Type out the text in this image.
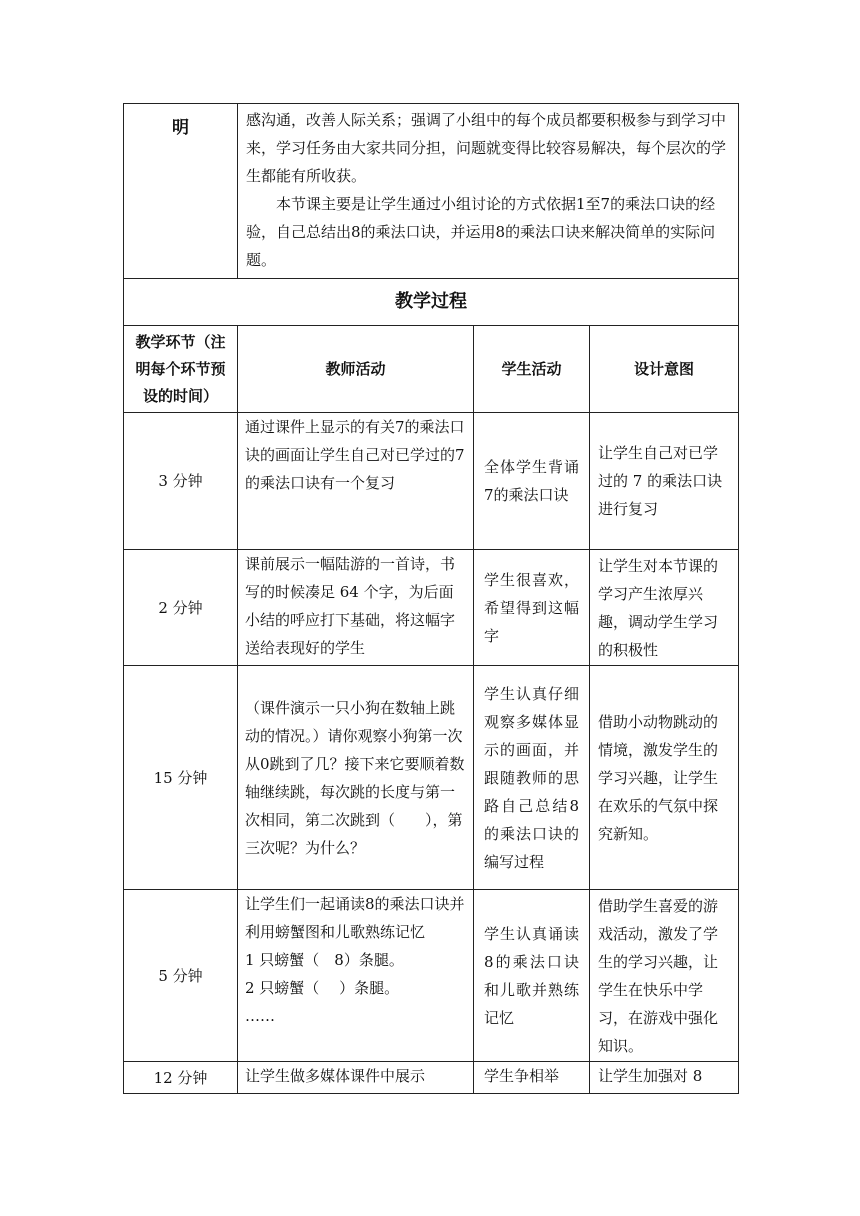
明	感沟通，改善人际关系；强调了小组中的每个成员都要积极参与到学习中来，学习任务由大家共同分担，问题就变得比较容易解决，每个层次的学生都能有所收获。

本节课主要是让学生通过小组讨论的方式依据1至7的乘法口诀的经验，自己总结出8的乘法口诀，并运用8的乘法口诀来解决简单的实际问题。		

教学过程			
教学环节（注明每个环节预设的时间）	教师活动	学生活动	设计意图
3 分钟	通过课件上显示的有关7的乘法口诀的画面让学生自己对已学过的7的乘法口诀有一个复习	全体学生背诵7的乘法口诀	让学生自己对已学过的 7 的乘法口诀进行复习
2 分钟	课前展示一幅陆游的一首诗，书写的时候凑足 64 个字，为后面小结的呼应打下基础，将这幅字送给表现好的学生	学生很喜欢，希望得到这幅字	让学生对本节课的学习产生浓厚兴趣，调动学生学习的积极性
15 分钟	（课件演示一只小狗在数轴上跳动的情况。）请你观察小狗第一次从0跳到了几？接下来它要顺着数轴继续跳，每次跳的长度与第一次相同，第二次跳到（　　），第三次呢？为什么？	学生认真仔细观察多媒体显示的画面，并跟随教师的思路自己总结8的乘法口诀的编写过程	借助小动物跳动的情境，激发学生的学习兴趣，让学生在欢乐的气氛中探究新知。
5 分钟	让学生们一起诵读8的乘法口诀并利用螃蟹图和儿歌熟练记忆
1 只螃蟹（　8）条腿。
2 只螃蟹（　 ）条腿。
……	学生认真诵读8的乘法口诀和儿歌并熟练记忆	借助学生喜爱的游戏活动，激发了学生的学习兴趣，让学生在快乐中学习，在游戏中强化知识。
12 分钟	让学生做多媒体课件中展示	学生争相举	让学生加强对 8
